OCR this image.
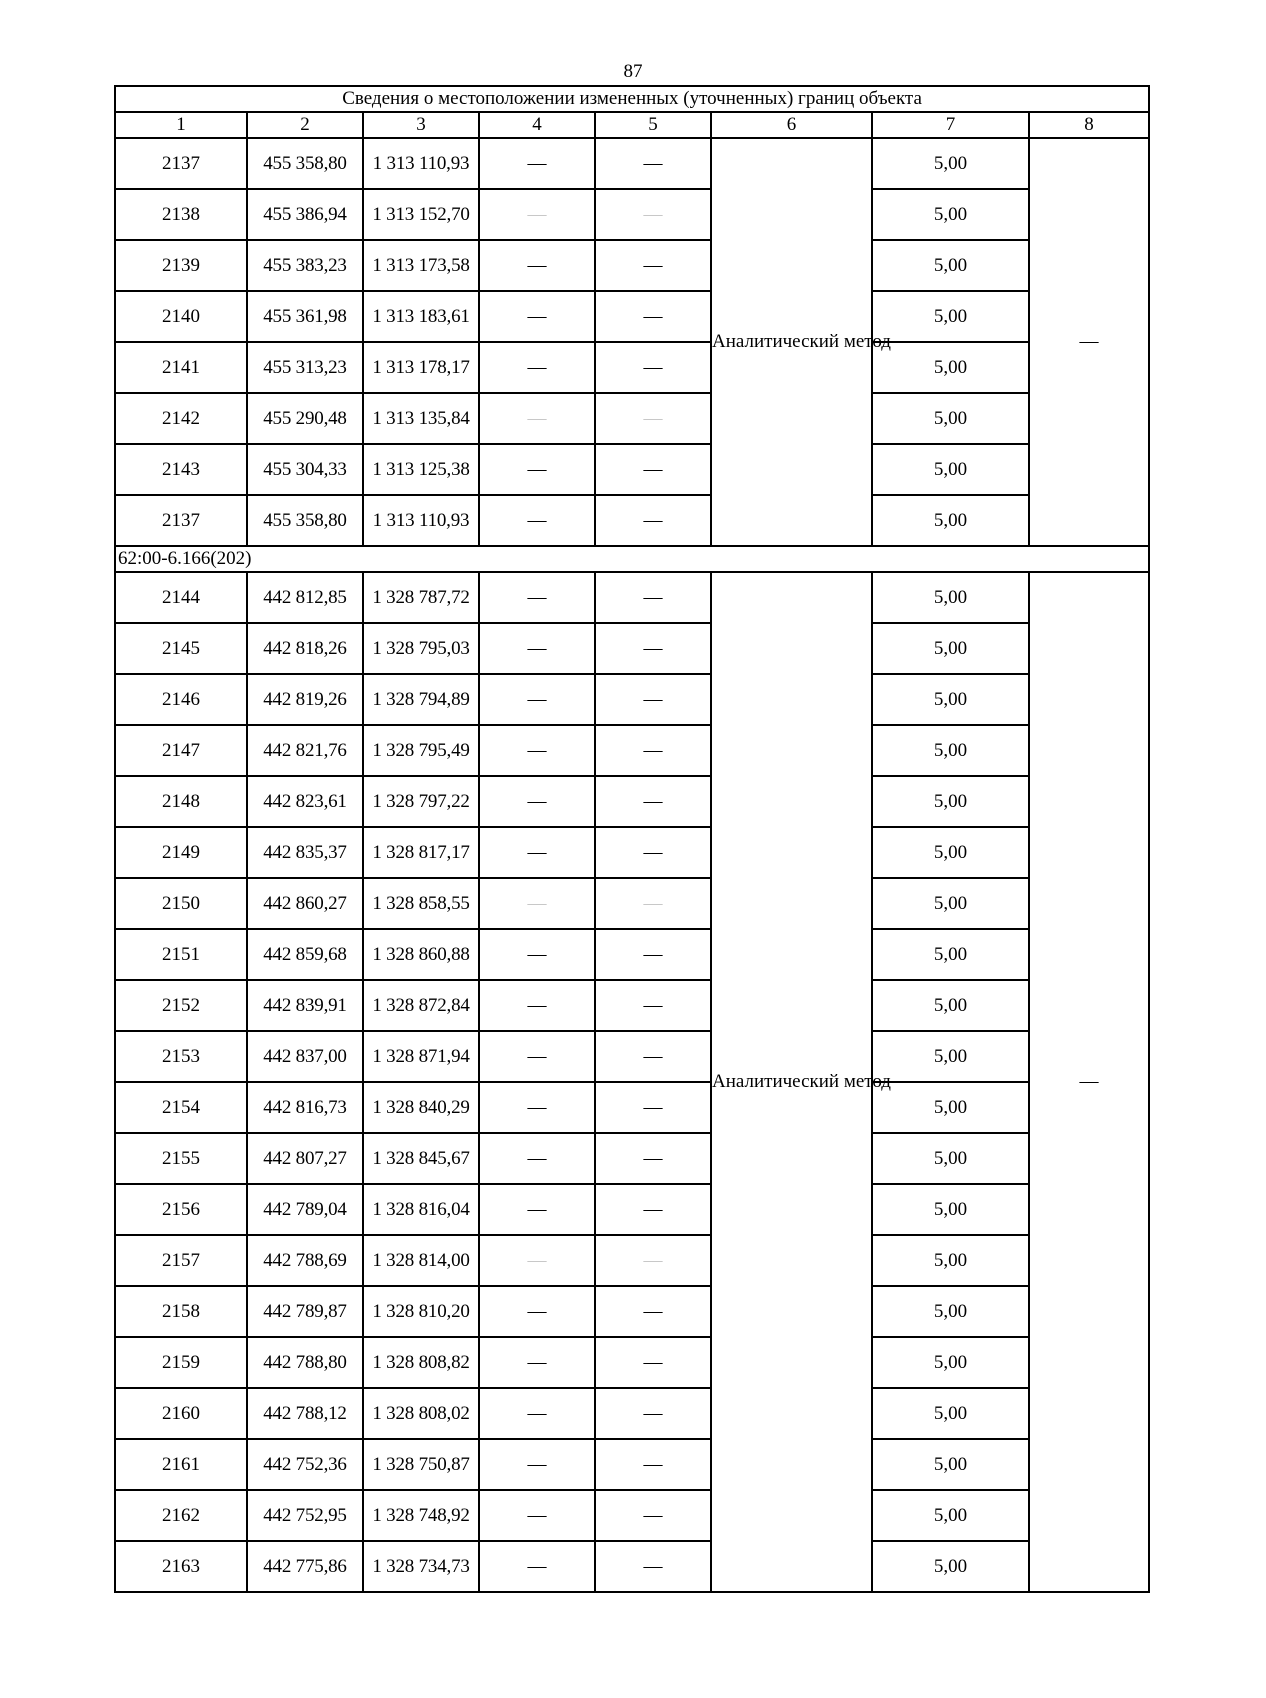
87
Сведения о местоположении измененных (уточненных) границ объекта							
1	2	3	4	5	6	7	8
2137	455 358,80	1 313 110,93	—	—	Аналитический метод	5,00	—
2138	455 386,94	1 313 152,70	—	—		5,00	
2139	455 383,23	1 313 173,58	—	—		5,00	
2140	455 361,98	1 313 183,61	—	—		5,00	
2141	455 313,23	1 313 178,17	—	—		5,00	
2142	455 290,48	1 313 135,84	—	—		5,00	
2143	455 304,33	1 313 125,38	—	—		5,00	
2137	455 358,80	1 313 110,93	—	—		5,00	
62:00-6.166(202)							
2144	442 812,85	1 328 787,72	—	—	Аналитический метод	5,00	—
2145	442 818,26	1 328 795,03	—	—		5,00	
2146	442 819,26	1 328 794,89	—	—		5,00	
2147	442 821,76	1 328 795,49	—	—		5,00	
2148	442 823,61	1 328 797,22	—	—		5,00	
2149	442 835,37	1 328 817,17	—	—		5,00	
2150	442 860,27	1 328 858,55	—	—		5,00	
2151	442 859,68	1 328 860,88	—	—		5,00	
2152	442 839,91	1 328 872,84	—	—		5,00	
2153	442 837,00	1 328 871,94	—	—		5,00	
2154	442 816,73	1 328 840,29	—	—		5,00	
2155	442 807,27	1 328 845,67	—	—		5,00	
2156	442 789,04	1 328 816,04	—	—		5,00	
2157	442 788,69	1 328 814,00	—	—		5,00	
2158	442 789,87	1 328 810,20	—	—		5,00	
2159	442 788,80	1 328 808,82	—	—		5,00	
2160	442 788,12	1 328 808,02	—	—		5,00	
2161	442 752,36	1 328 750,87	—	—		5,00	
2162	442 752,95	1 328 748,92	—	—		5,00	
2163	442 775,86	1 328 734,73	—	—		5,00	
